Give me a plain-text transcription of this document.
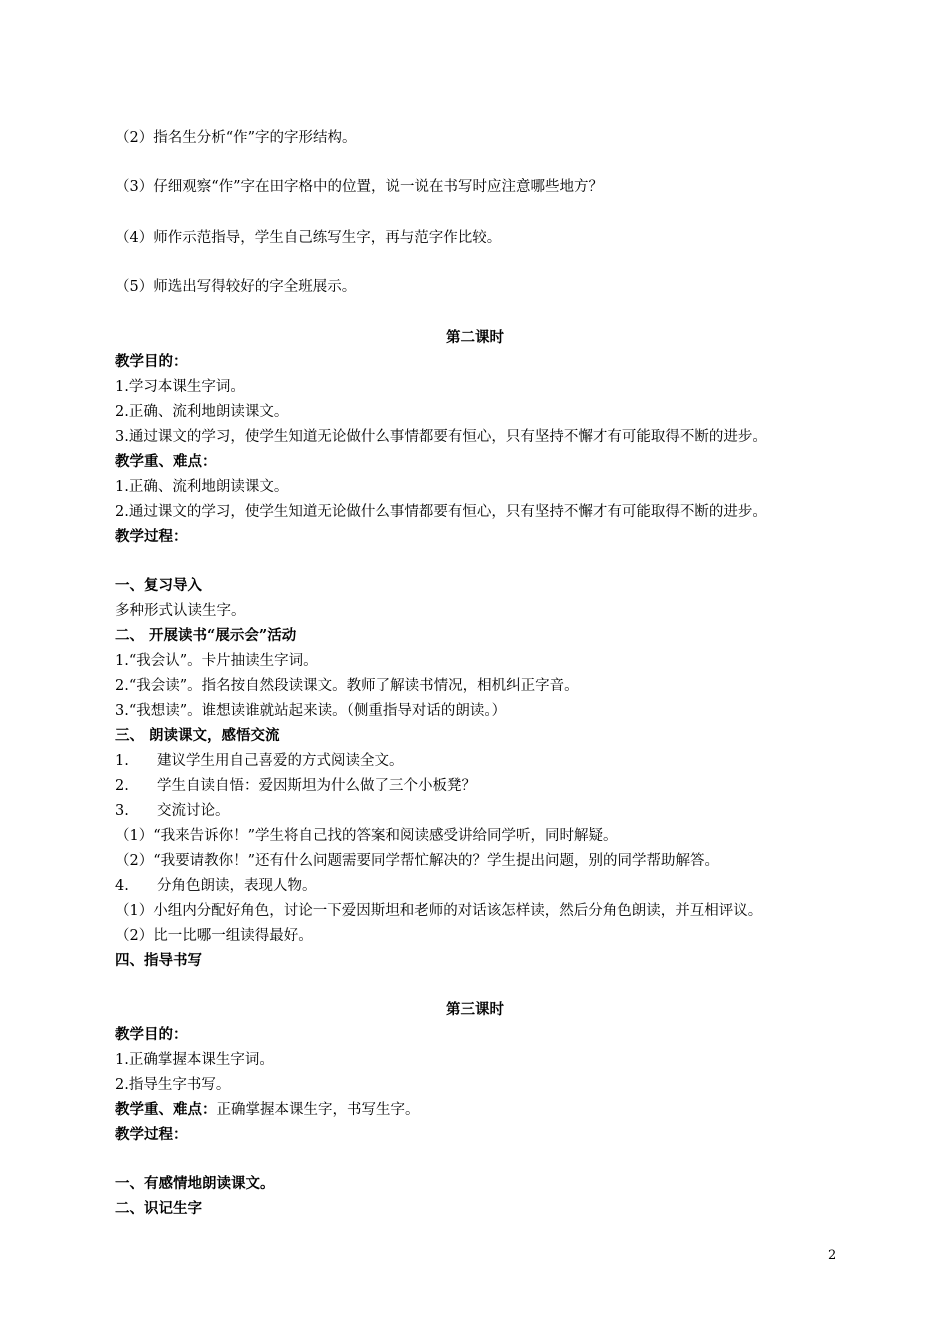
（2）指名生分析“作”字的字形结构。
（3）仔细观察“作”字在田字格中的位置，说一说在书写时应注意哪些地方？
（4）师作示范指导，学生自己练写生字，再与范字作比较。
（5）师选出写得较好的字全班展示。
第二课时
教学目的：
1.学习本课生字词。
2.正确、流利地朗读课文。
3.通过课文的学习，使学生知道无论做什么事情都要有恒心，只有坚持不懈才有可能取得不断的进步。
教学重、难点：
1.正确、流利地朗读课文。
2.通过课文的学习，使学生知道无论做什么事情都要有恒心，只有坚持不懈才有可能取得不断的进步。
教学过程：
一、复习导入
多种形式认读生字。
二、 开展读书“展示会”活动
1.“我会认”。卡片抽读生字词。
2.“我会读”。指名按自然段读课文。教师了解读书情况，相机纠正字音。
3.“我想读”。谁想读谁就站起来读。（侧重指导对话的朗读。）
三、 朗读课文，感悟交流
1. 建议学生用自己喜爱的方式阅读全文。
2. 学生自读自悟：爱因斯坦为什么做了三个小板凳？
3. 交流讨论。
（1）“我来告诉你！”学生将自己找的答案和阅读感受讲给同学听，同时解疑。
（2）“我要请教你！”还有什么问题需要同学帮忙解决的？学生提出问题，别的同学帮助解答。
4. 分角色朗读，表现人物。
（1）小组内分配好角色，讨论一下爱因斯坦和老师的对话该怎样读，然后分角色朗读，并互相评议。
（2）比一比哪一组读得最好。
四、指导书写
第三课时
教学目的：
1.正确掌握本课生字词。
2.指导生字书写。
教学重、难点：正确掌握本课生字，书写生字。
教学过程：
一、有感情地朗读课文。
二、识记生字
2
